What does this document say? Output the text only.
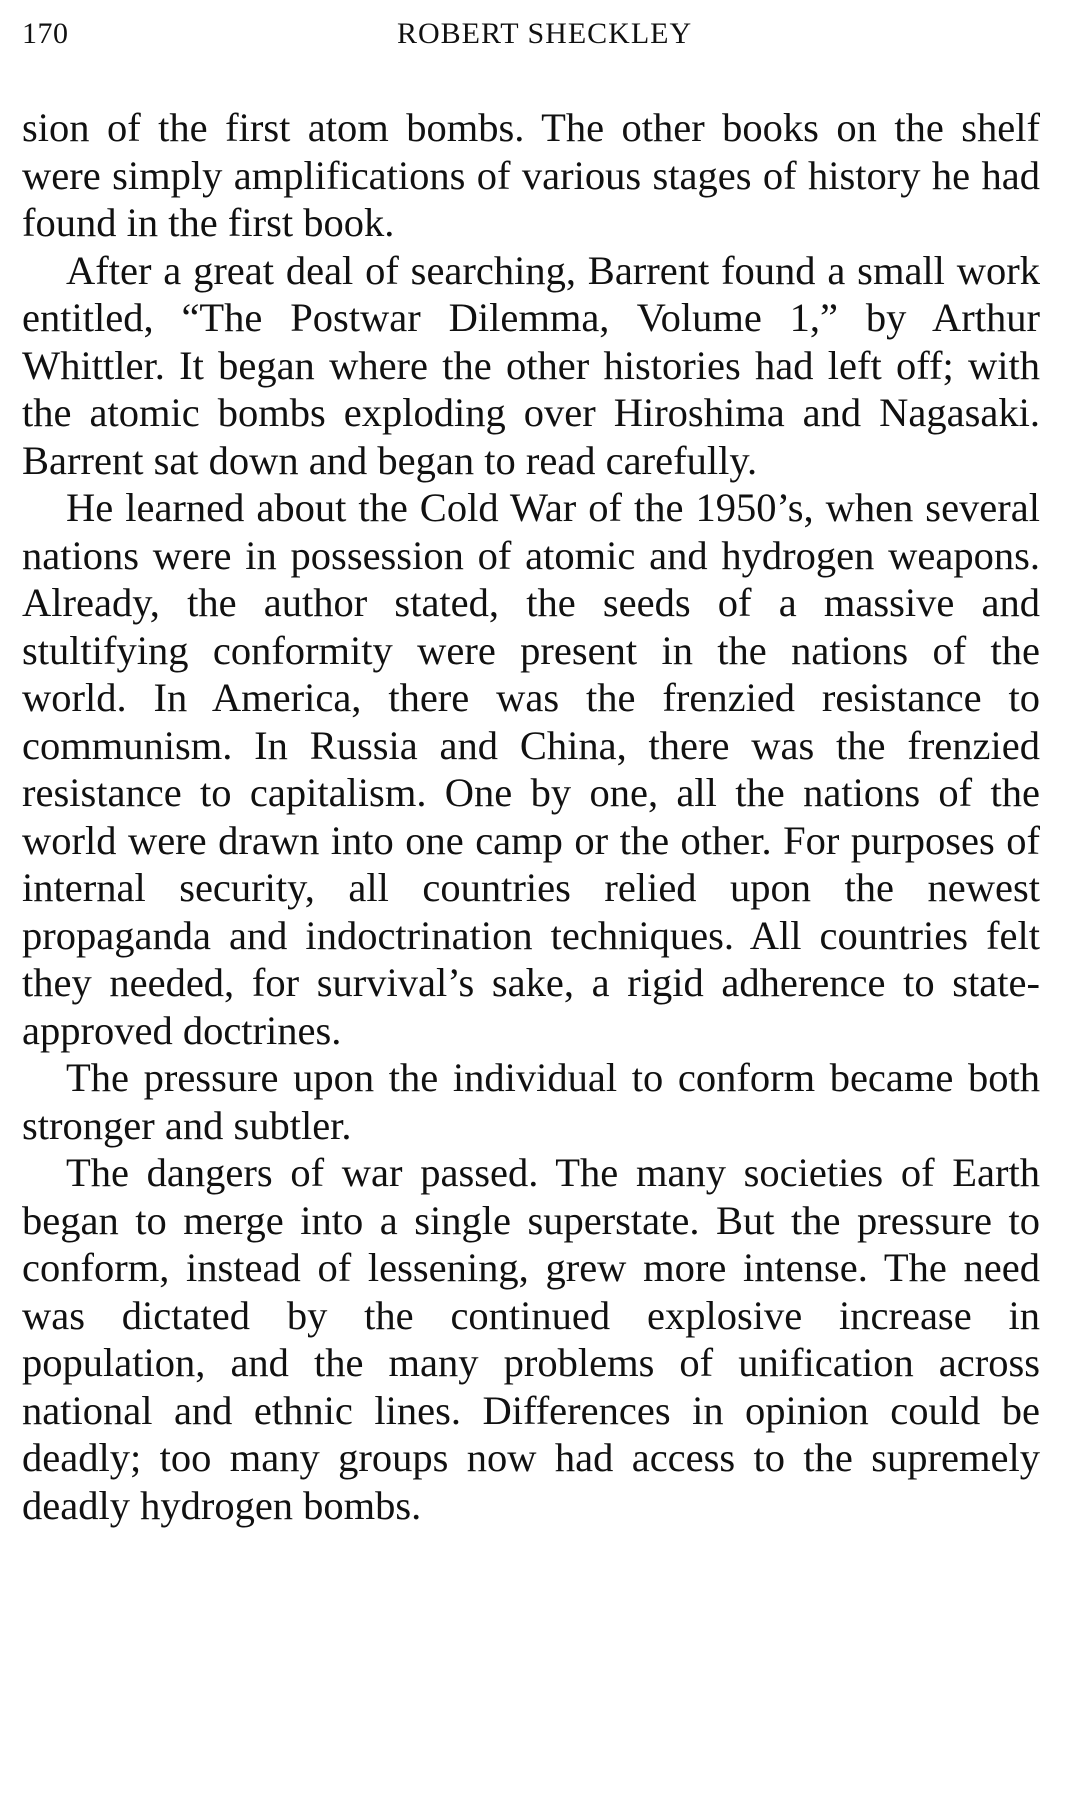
170	ROBERT SHECKLEY

sion of the first atom bombs. The other books on the shelf were simply amplifications of various stages of history he had found in the first book.

After a great deal of searching, Barrent found a small work entitled, “The Postwar Dilemma, Volume 1,” by Arthur Whittler. It began where the other histories had left off; with the atomic bombs exploding over Hiroshima and Nagasaki. Barrent sat down and began to read carefully.

He learned about the Cold War of the 1950’s, when several nations were in possession of atomic and hydrogen weapons. Already, the author stated, the seeds of a massive and stultifying conformity were present in the nations of the world. In America, there was the frenzied resistance to communism. In Russia and China, there was the frenzied resistance to capitalism. One by one, all the nations of the world were drawn into one camp or the other. For purposes of internal security, all countries relied upon the newest propaganda and indoctrination techniques. All countries felt they needed, for survival’s sake, a rigid adherence to state-approved doctrines.

The pressure upon the individual to conform became both stronger and subtler.

The dangers of war passed. The many societies of Earth began to merge into a single superstate. But the pressure to conform, instead of lessening, grew more intense. The need was dictated by the continued explosive increase in population, and the many problems of unification across national and ethnic lines. Differences in opinion could be deadly; too many groups now had access to the supremely deadly hydrogen bombs.
